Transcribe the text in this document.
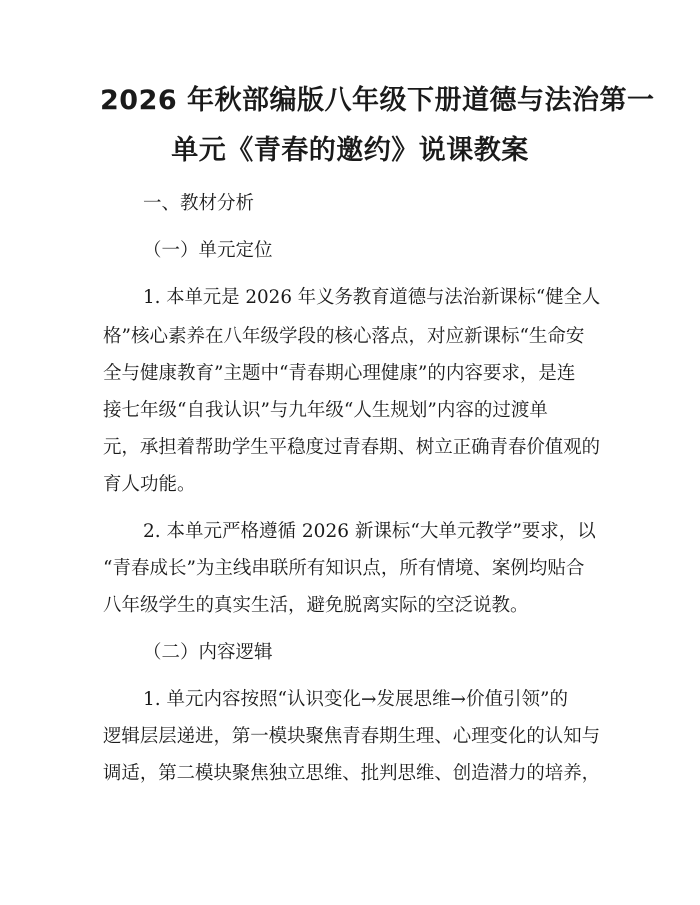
2026 年秋部编版八年级下册道德与法治第一
单元《青春的邀约》说课教案
一、教材分析
（一）单元定位
1. 本单元是 2026 年义务教育道德与法治新课标“健全人
格”核心素养在八年级学段的核心落点，对应新课标“生命安
全与健康教育”主题中“青春期心理健康”的内容要求，是连
接七年级“自我认识”与九年级“人生规划”内容的过渡单
元，承担着帮助学生平稳度过青春期、树立正确青春价值观的
育人功能。
2. 本单元严格遵循 2026 新课标“大单元教学”要求，以
“青春成长”为主线串联所有知识点，所有情境、案例均贴合
八年级学生的真实生活，避免脱离实际的空泛说教。
（二）内容逻辑
1. 单元内容按照“认识变化→发展思维→价值引领”的
逻辑层层递进，第一模块聚焦青春期生理、心理变化的认知与
调适，第二模块聚焦独立思维、批判思维、创造潜力的培养，
